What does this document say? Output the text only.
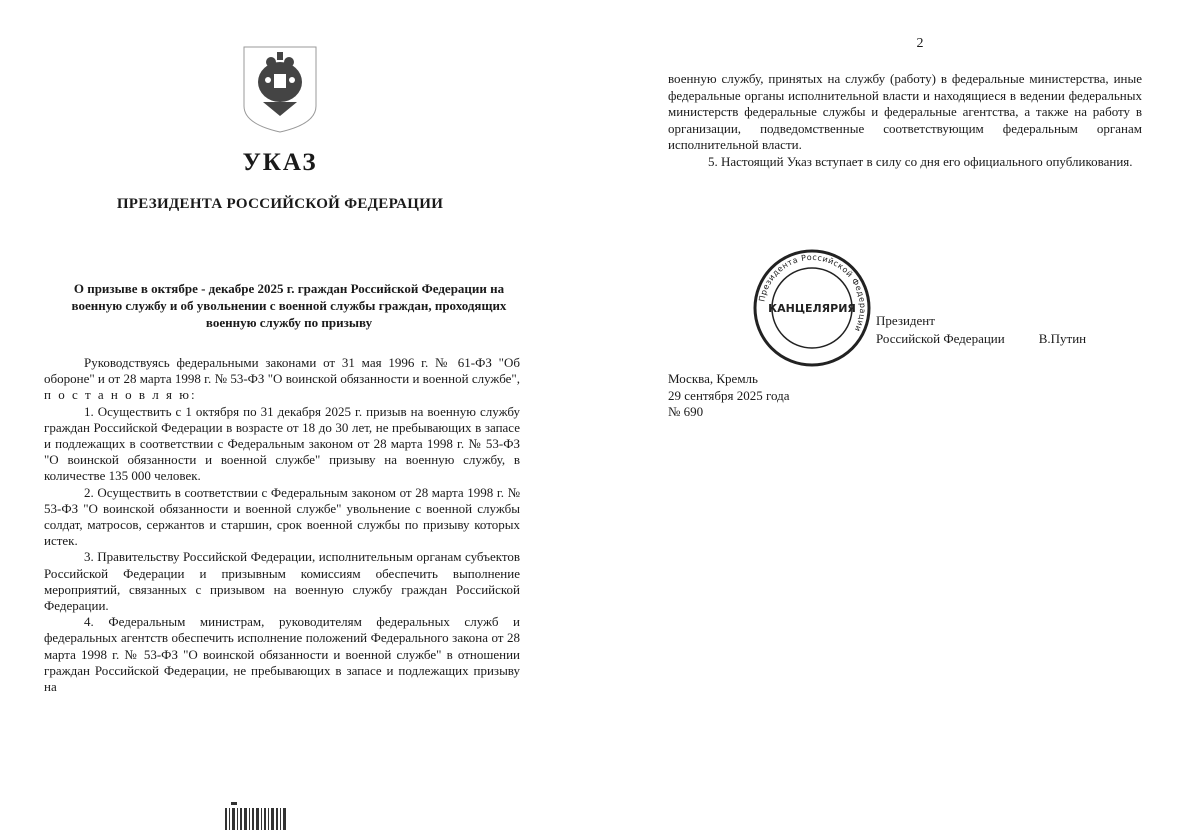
УКАЗ
ПРЕЗИДЕНТА РОССИЙСКОЙ ФЕДЕРАЦИИ
О призыве в октябре - декабре 2025 г. граждан Российской Федерации на военную службу и об увольнении с военной службы граждан, проходящих военную службу по призыву

Руководствуясь федеральными законами от 31 мая 1996 г. № 61-ФЗ "Об обороне" и от 28 марта 1998 г. № 53-ФЗ "О воинской обязанности и военной службе", п о с т а н о в л я ю:

1. Осуществить с 1 октября по 31 декабря 2025 г. призыв на военную службу граждан Российской Федерации в возрасте от 18 до 30 лет, не пребывающих в запасе и подлежащих в соответствии с Федеральным законом от 28 марта 1998 г. № 53-ФЗ "О воинской обязанности и военной службе" призыву на военную службу, в количестве 135 000 человек.

2. Осуществить в соответствии с Федеральным законом от 28 марта 1998 г. № 53-ФЗ "О воинской обязанности и военной службе" увольнение с военной службы солдат, матросов, сержантов и старшин, срок военной службы по призыву которых истек.

3. Правительству Российской Федерации, исполнительным органам субъектов Российской Федерации и призывным комиссиям обеспечить выполнение мероприятий, связанных с призывом на военную службу граждан Российской Федерации.

4. Федеральным министрам, руководителям федеральных служб и федеральных агентств обеспечить исполнение положений Федерального закона от 28 марта 1998 г. № 53-ФЗ "О воинской обязанности и военной службе" в отношении граждан Российской Федерации, не пребывающих в запасе и подлежащих призыву на

2

военную службу, принятых на службу (работу) в федеральные министерства, иные федеральные органы исполнительной власти и находящиеся в ведении федеральных министерств федеральные службы и федеральные агентства, а также на работу в организации, подведомственные соответствующим федеральным органам исполнительной власти.

5. Настоящий Указ вступает в силу со дня его официального опубликования.

Президента Российской Федерации
КАНЦЕЛЯРИЯ
Президент
Российской Федерации	В.Путин
Москва, Кремль
29 сентября 2025 года
№ 690
